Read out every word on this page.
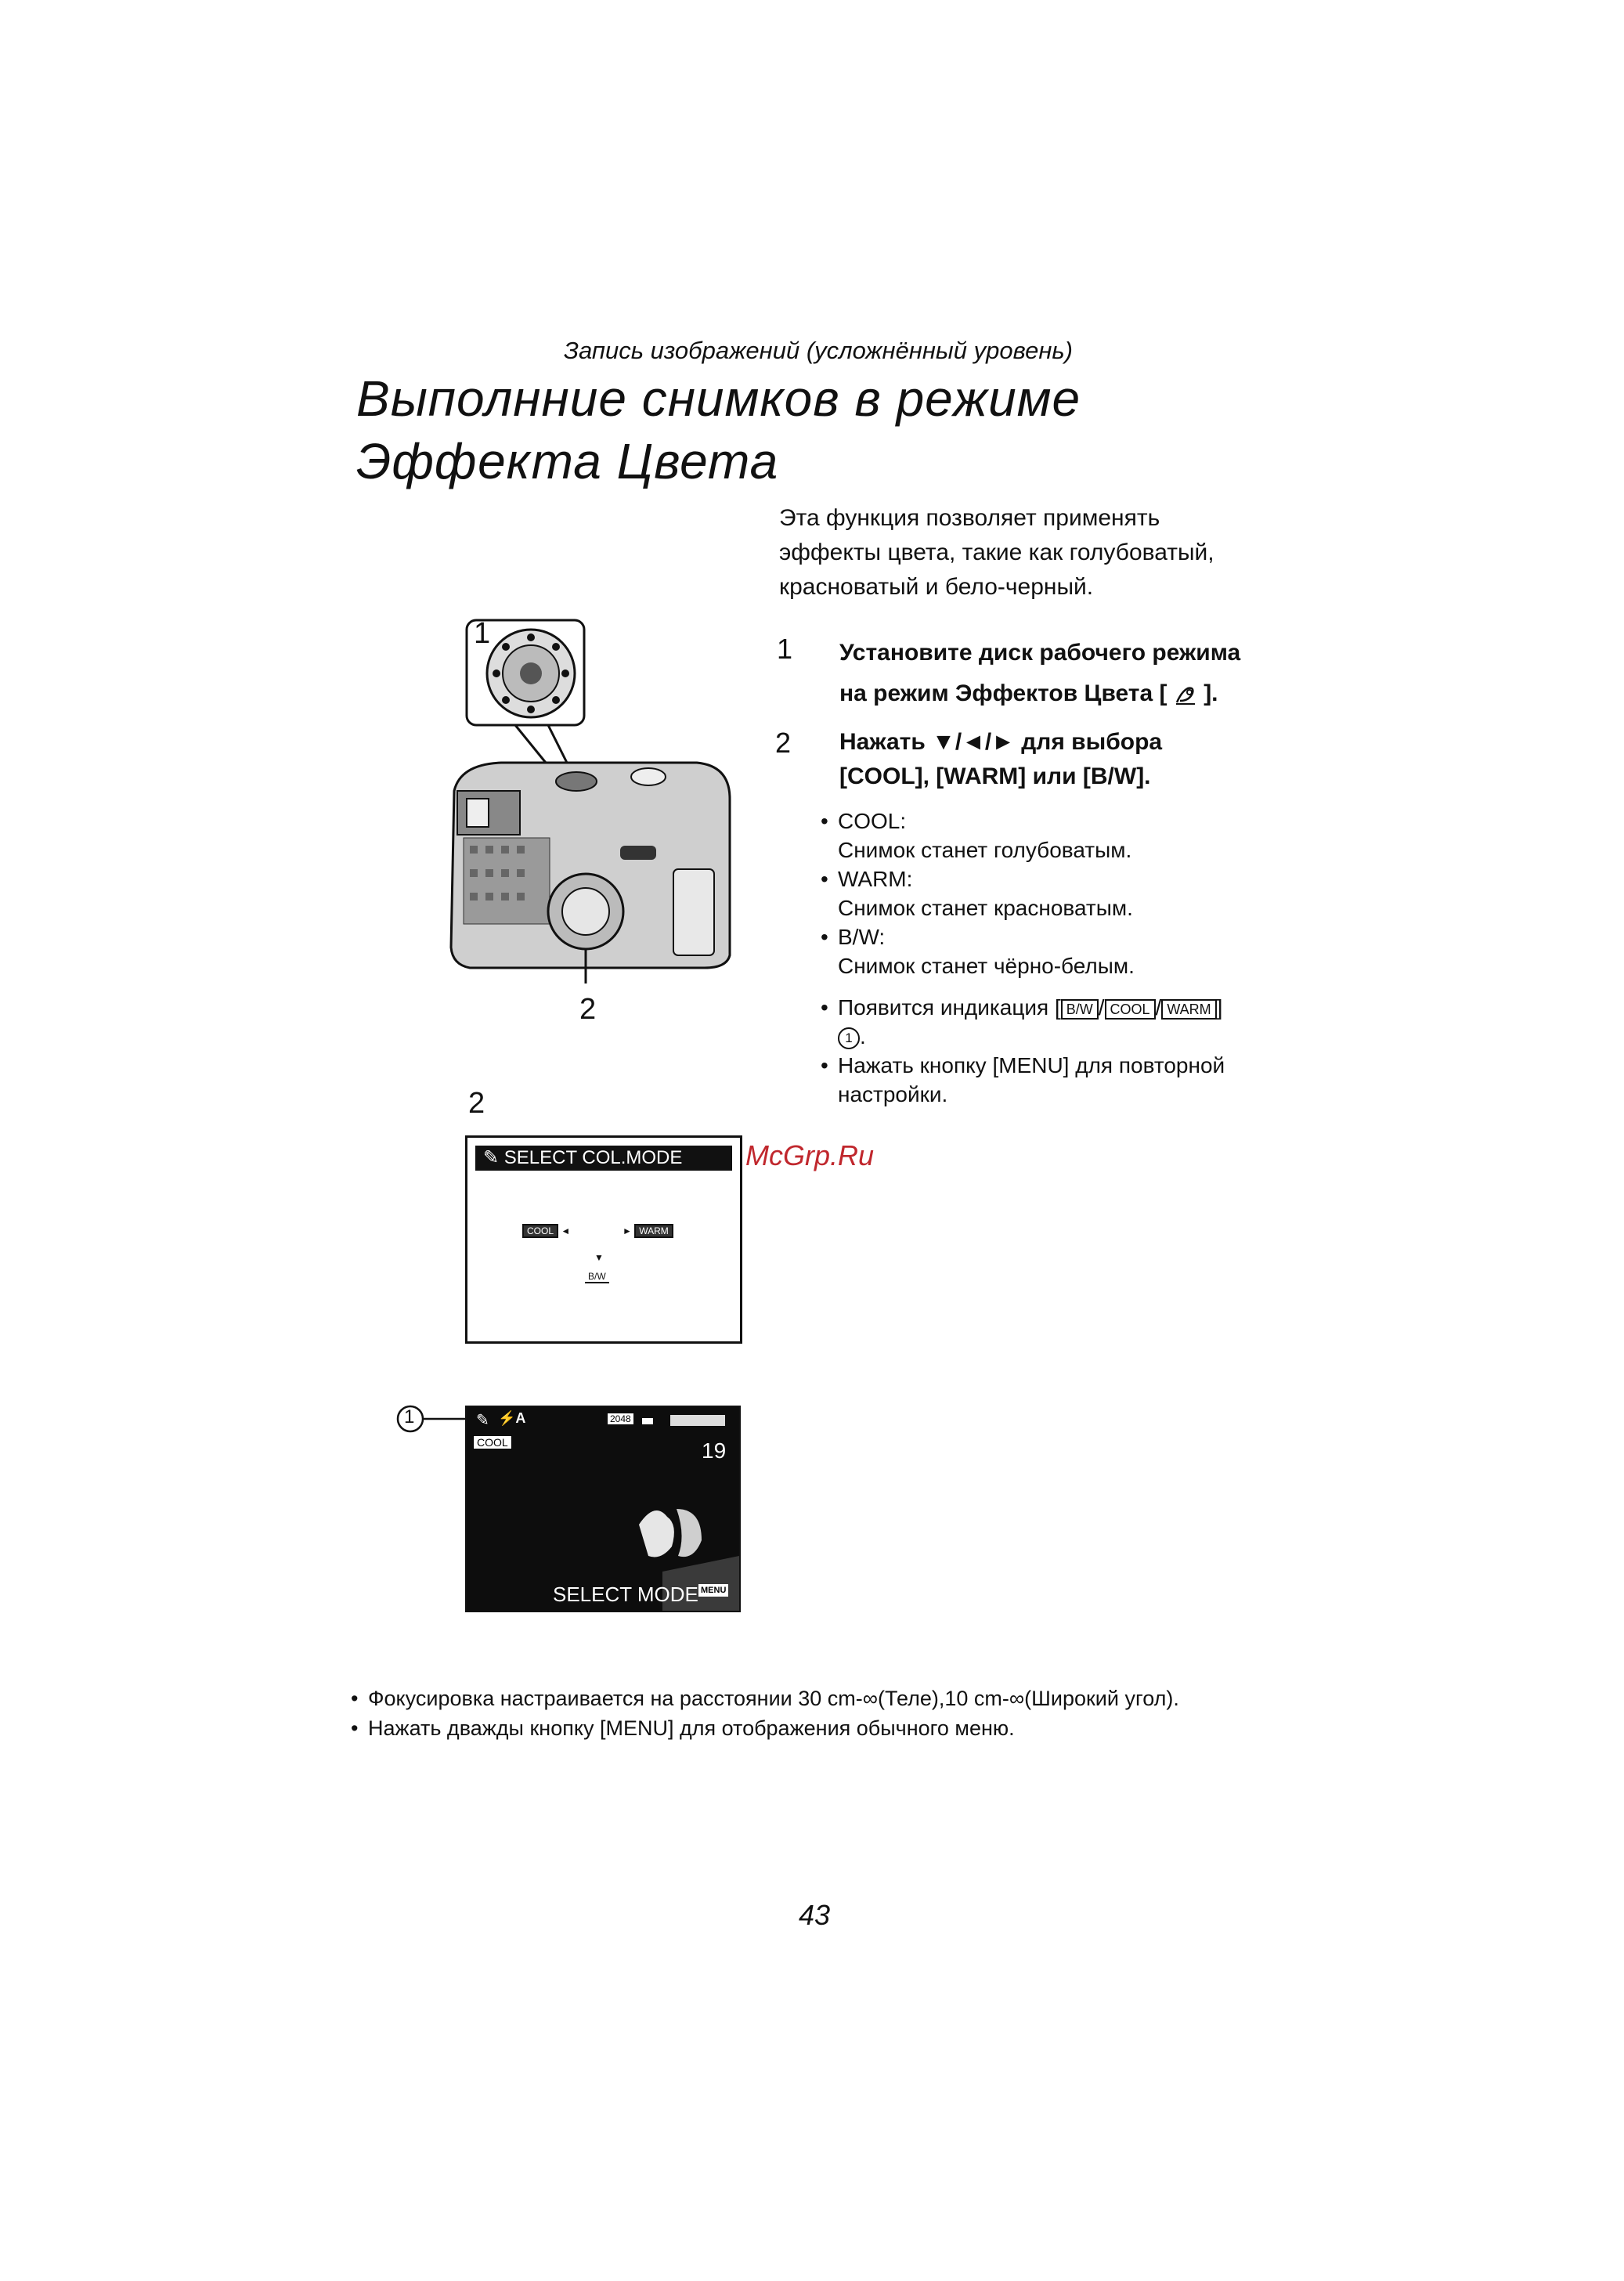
Запись изображений (усложнённый уровень)
Выполнние снимков в режиме
Эффекта Цвета
Эта функция позволяет применять
эффекты цвета, такие как голубоватый,
красноватый и бело-черный.
1 Установите диск рабочего режима
на режим Эффектов Цвета [ ].
2 Нажать ▼/◄/► для выбора
[COOL], [WARM] или [B/W].
• COOL:
Снимок станет голубоватым.
• WARM:
Снимок станет красноватым.
• B/W:
Снимок станет чёрно-белым.
• Появится индикация [ B/W / COOL / WARM ]
1 .
• Нажать кнопку [MENU] для повторной
настройки.
1
2
2
✎ SELECT COL.MODE
COOL ◄	► WARM
▼
B/W
1	✎ ⚡A	2048
COOL	19
SELECT MODE MENU
McGrp.Ru
• Фокусировка настраивается на расстоянии 30 cm-∞(Теле),10 cm-∞(Широкий угол).
• Нажать дважды кнопку [MENU] для отображения обычного меню.
43
